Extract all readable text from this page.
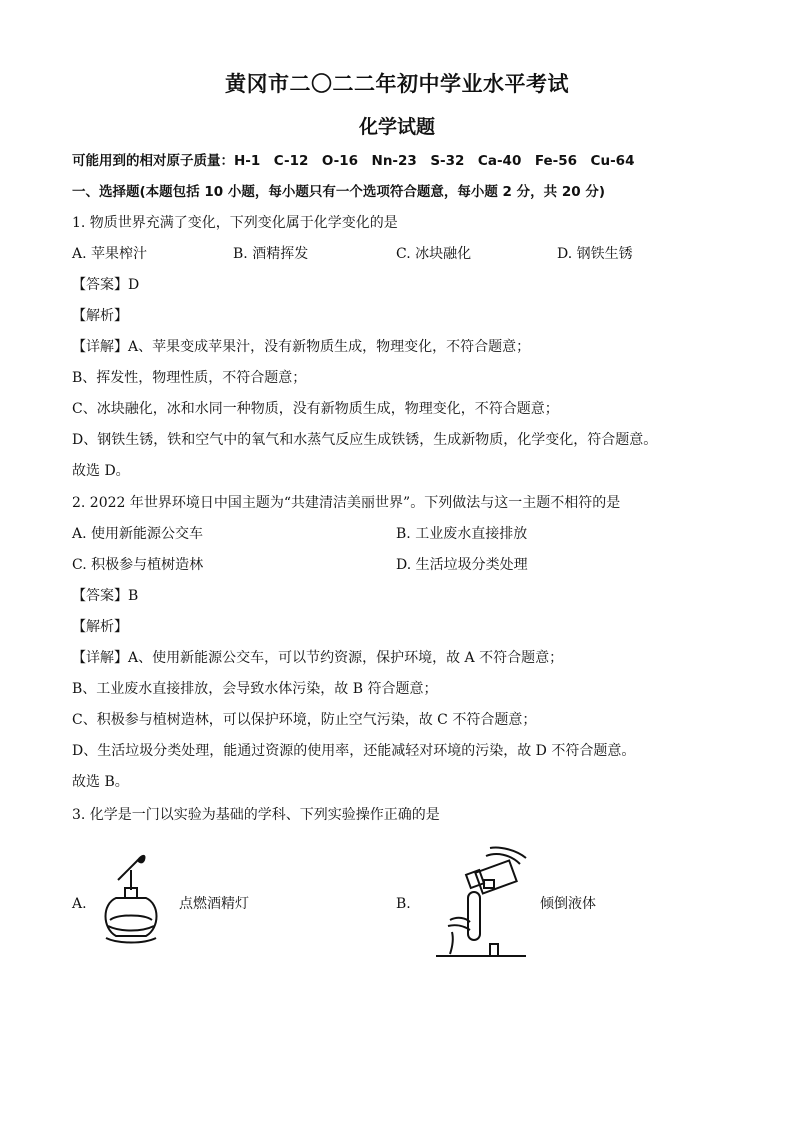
黄冈市二〇二二年初中学业水平考试
化学试题
可能用到的相对原子质量：H-1　C-12　O-16　Nn-23　S-32　Ca-40　Fe-56　Cu-64
一、选择题(本题包括 10 小题，每小题只有一个选项符合题意，每小题 2 分，共 20 分)
1. 物质世界充满了变化，下列变化属于化学变化的是
A. 苹果榨汁	B. 酒精挥发	C. 冰块融化	D. 钢铁生锈
【答案】D
【解析】
【详解】A、苹果变成苹果汁，没有新物质生成，物理变化，不符合题意；
B、挥发性，物理性质，不符合题意；
C、冰块融化，冰和水同一种物质，没有新物质生成，物理变化，不符合题意；
D、钢铁生锈，铁和空气中的氧气和水蒸气反应生成铁锈，生成新物质，化学变化，符合题意。
故选 D。
2. 2022 年世界环境日中国主题为“共建清洁美丽世界”。下列做法与这一主题不相符的是
A. 使用新能源公交车	B. 工业废水直接排放
C. 积极参与植树造林	D. 生活垃圾分类处理
【答案】B
【解析】
【详解】A、使用新能源公交车，可以节约资源，保护环境，故 A 不符合题意；
B、工业废水直接排放，会导致水体污染，故 B 符合题意；
C、积极参与植树造林，可以保护环境，防止空气污染，故 C 不符合题意；
D、生活垃圾分类处理，能通过资源的使用率，还能减轻对环境的污染，故 D 不符合题意。
故选 B。
3. 化学是一门以实验为基础的学科、下列实验操作正确的是
A.	点燃酒精灯	B.	倾倒液体
